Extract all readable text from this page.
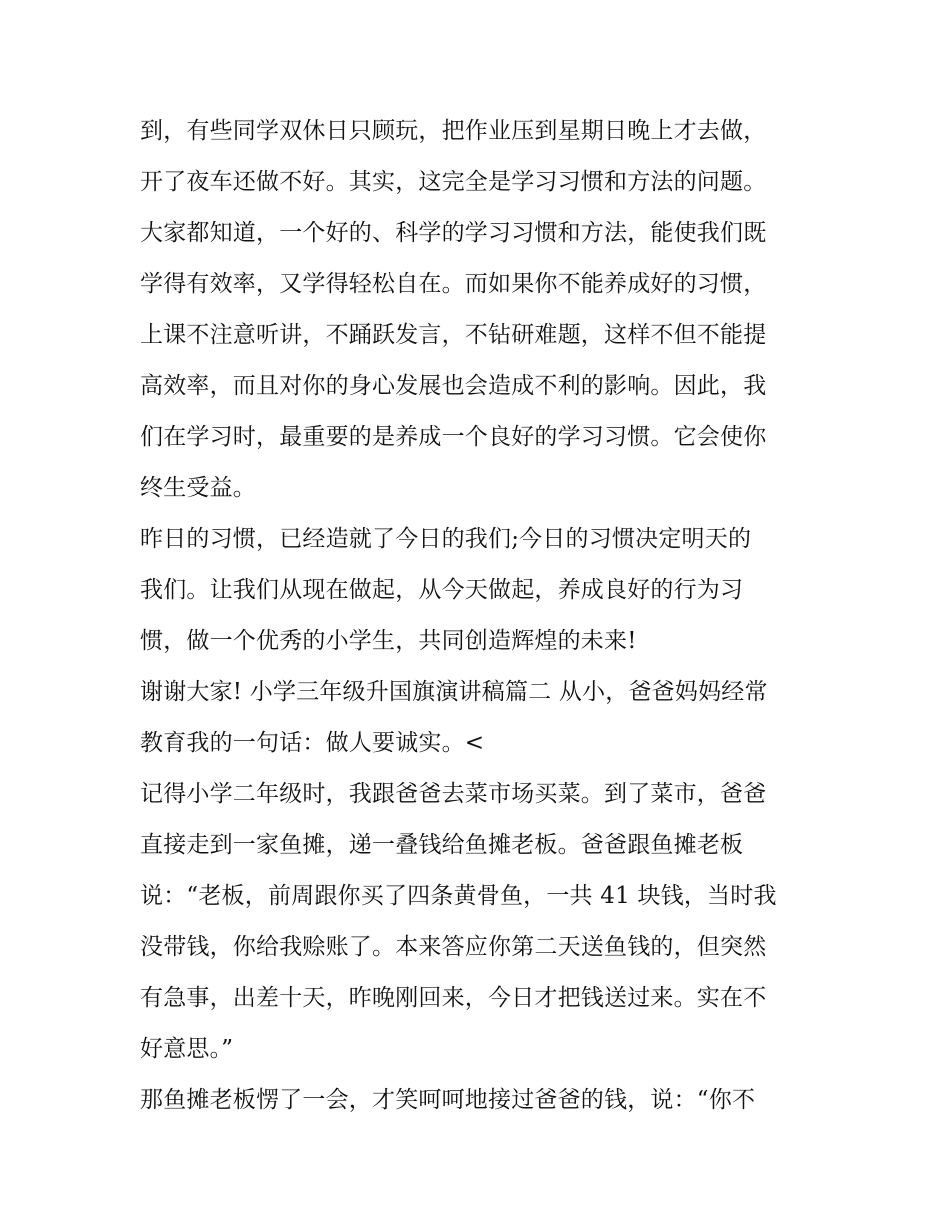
到，有些同学双休日只顾玩，把作业压到星期日晚上才去做，
开了夜车还做不好。其实，这完全是学习习惯和方法的问题。
大家都知道，一个好的、科学的学习习惯和方法，能使我们既
学得有效率，又学得轻松自在。而如果你不能养成好的习惯，
上课不注意听讲，不踊跃发言，不钻研难题，这样不但不能提
高效率，而且对你的身心发展也会造成不利的影响。因此，我
们在学习时，最重要的是养成一个良好的学习习惯。它会使你
终生受益。
昨日的习惯，已经造就了今日的我们;今日的习惯决定明天的
我们。让我们从现在做起，从今天做起，养成良好的行为习
惯，做一个优秀的小学生，共同创造辉煌的未来!
谢谢大家! 小学三年级升国旗演讲稿篇二 从小，爸爸妈妈经常
教育我的一句话：做人要诚实。<
记得小学二年级时，我跟爸爸去菜市场买菜。到了菜市，爸爸
直接走到一家鱼摊，递一叠钱给鱼摊老板。爸爸跟鱼摊老板
说：“老板，前周跟你买了四条黄骨鱼，一共 41 块钱，当时我
没带钱，你给我赊账了。本来答应你第二天送鱼钱的，但突然
有急事，出差十天，昨晚刚回来，今日才把钱送过来。实在不
好意思。”
那鱼摊老板愣了一会，才笑呵呵地接过爸爸的钱，说：“你不
